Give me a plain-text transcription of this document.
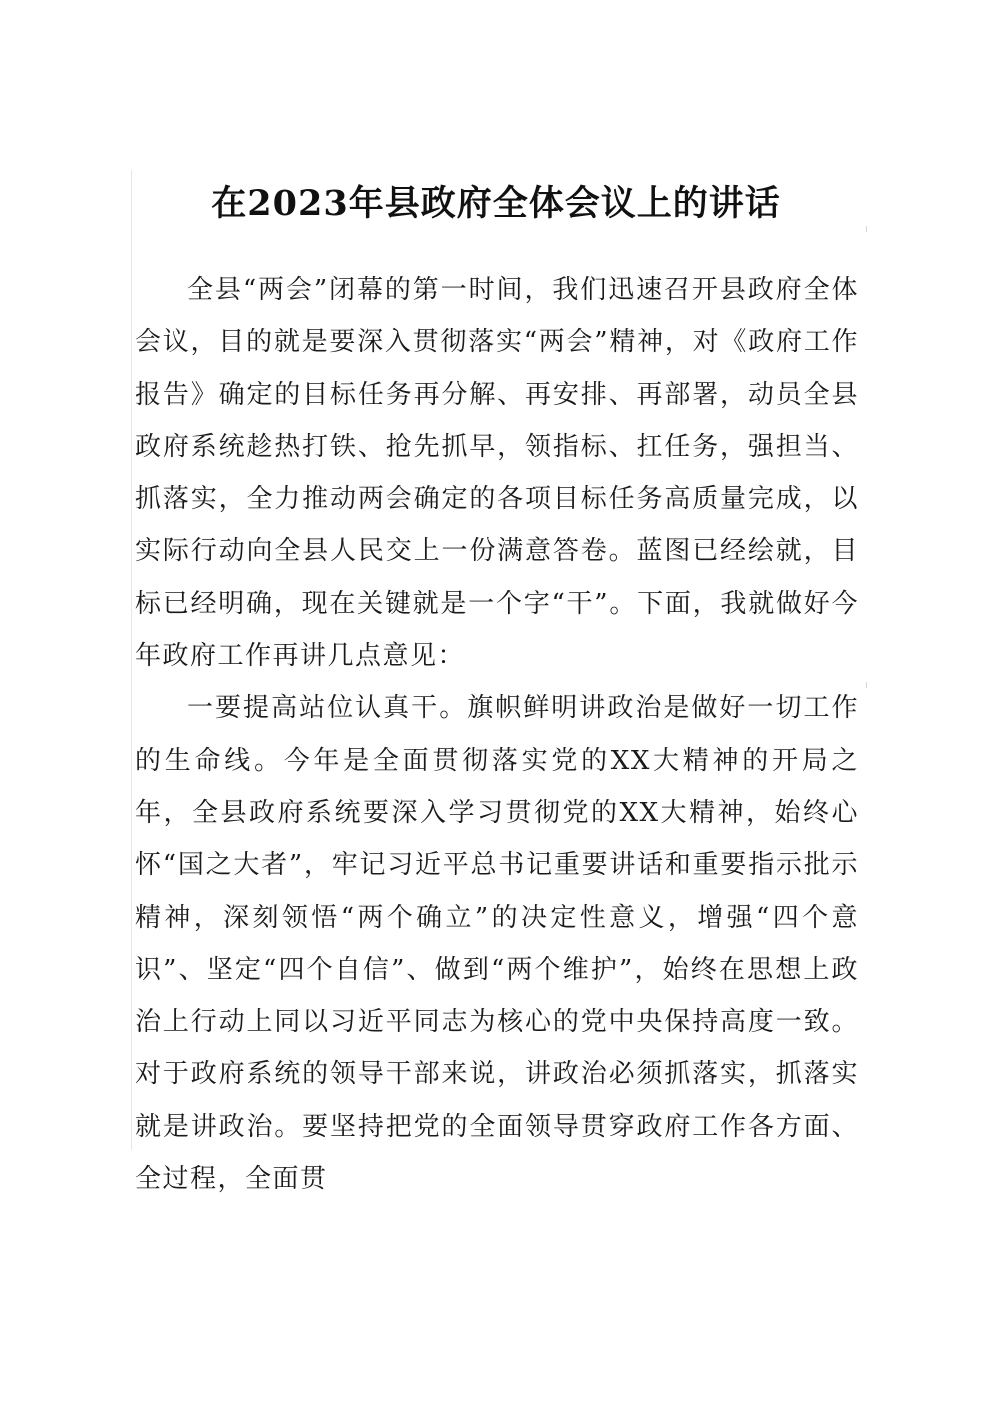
在2023年县政府全体会议上的讲话

全县“两会”闭幕的第一时间，我们迅速召开县政府全体会议，目的就是要深入贯彻落实“两会”精神，对《政府工作报告》确定的目标任务再分解、再安排、再部署，动员全县政府系统趁热打铁、抢先抓早，领指标、扛任务，强担当、抓落实，全力推动两会确定的各项目标任务高质量完成，以实际行动向全县人民交上一份满意答卷。蓝图已经绘就，目标已经明确，现在关键就是一个字“干”。下面，我就做好今年政府工作再讲几点意见：

一要提高站位认真干。旗帜鲜明讲政治是做好一切工作的生命线。今年是全面贯彻落实党的XX大精神的开局之年，全县政府系统要深入学习贯彻党的XX大精神，始终心怀“国之大者”，牢记习近平总书记重要讲话和重要指示批示精神，深刻领悟“两个确立”的决定性意义，增强“四个意识”、坚定“四个自信”、做到“两个维护”，始终在思想上政治上行动上同以习近平同志为核心的党中央保持高度一致。对于政府系统的领导干部来说，讲政治必须抓落实，抓落实就是讲政治。要坚持把党的全面领导贯穿政府工作各方面、全过程，全面贯
